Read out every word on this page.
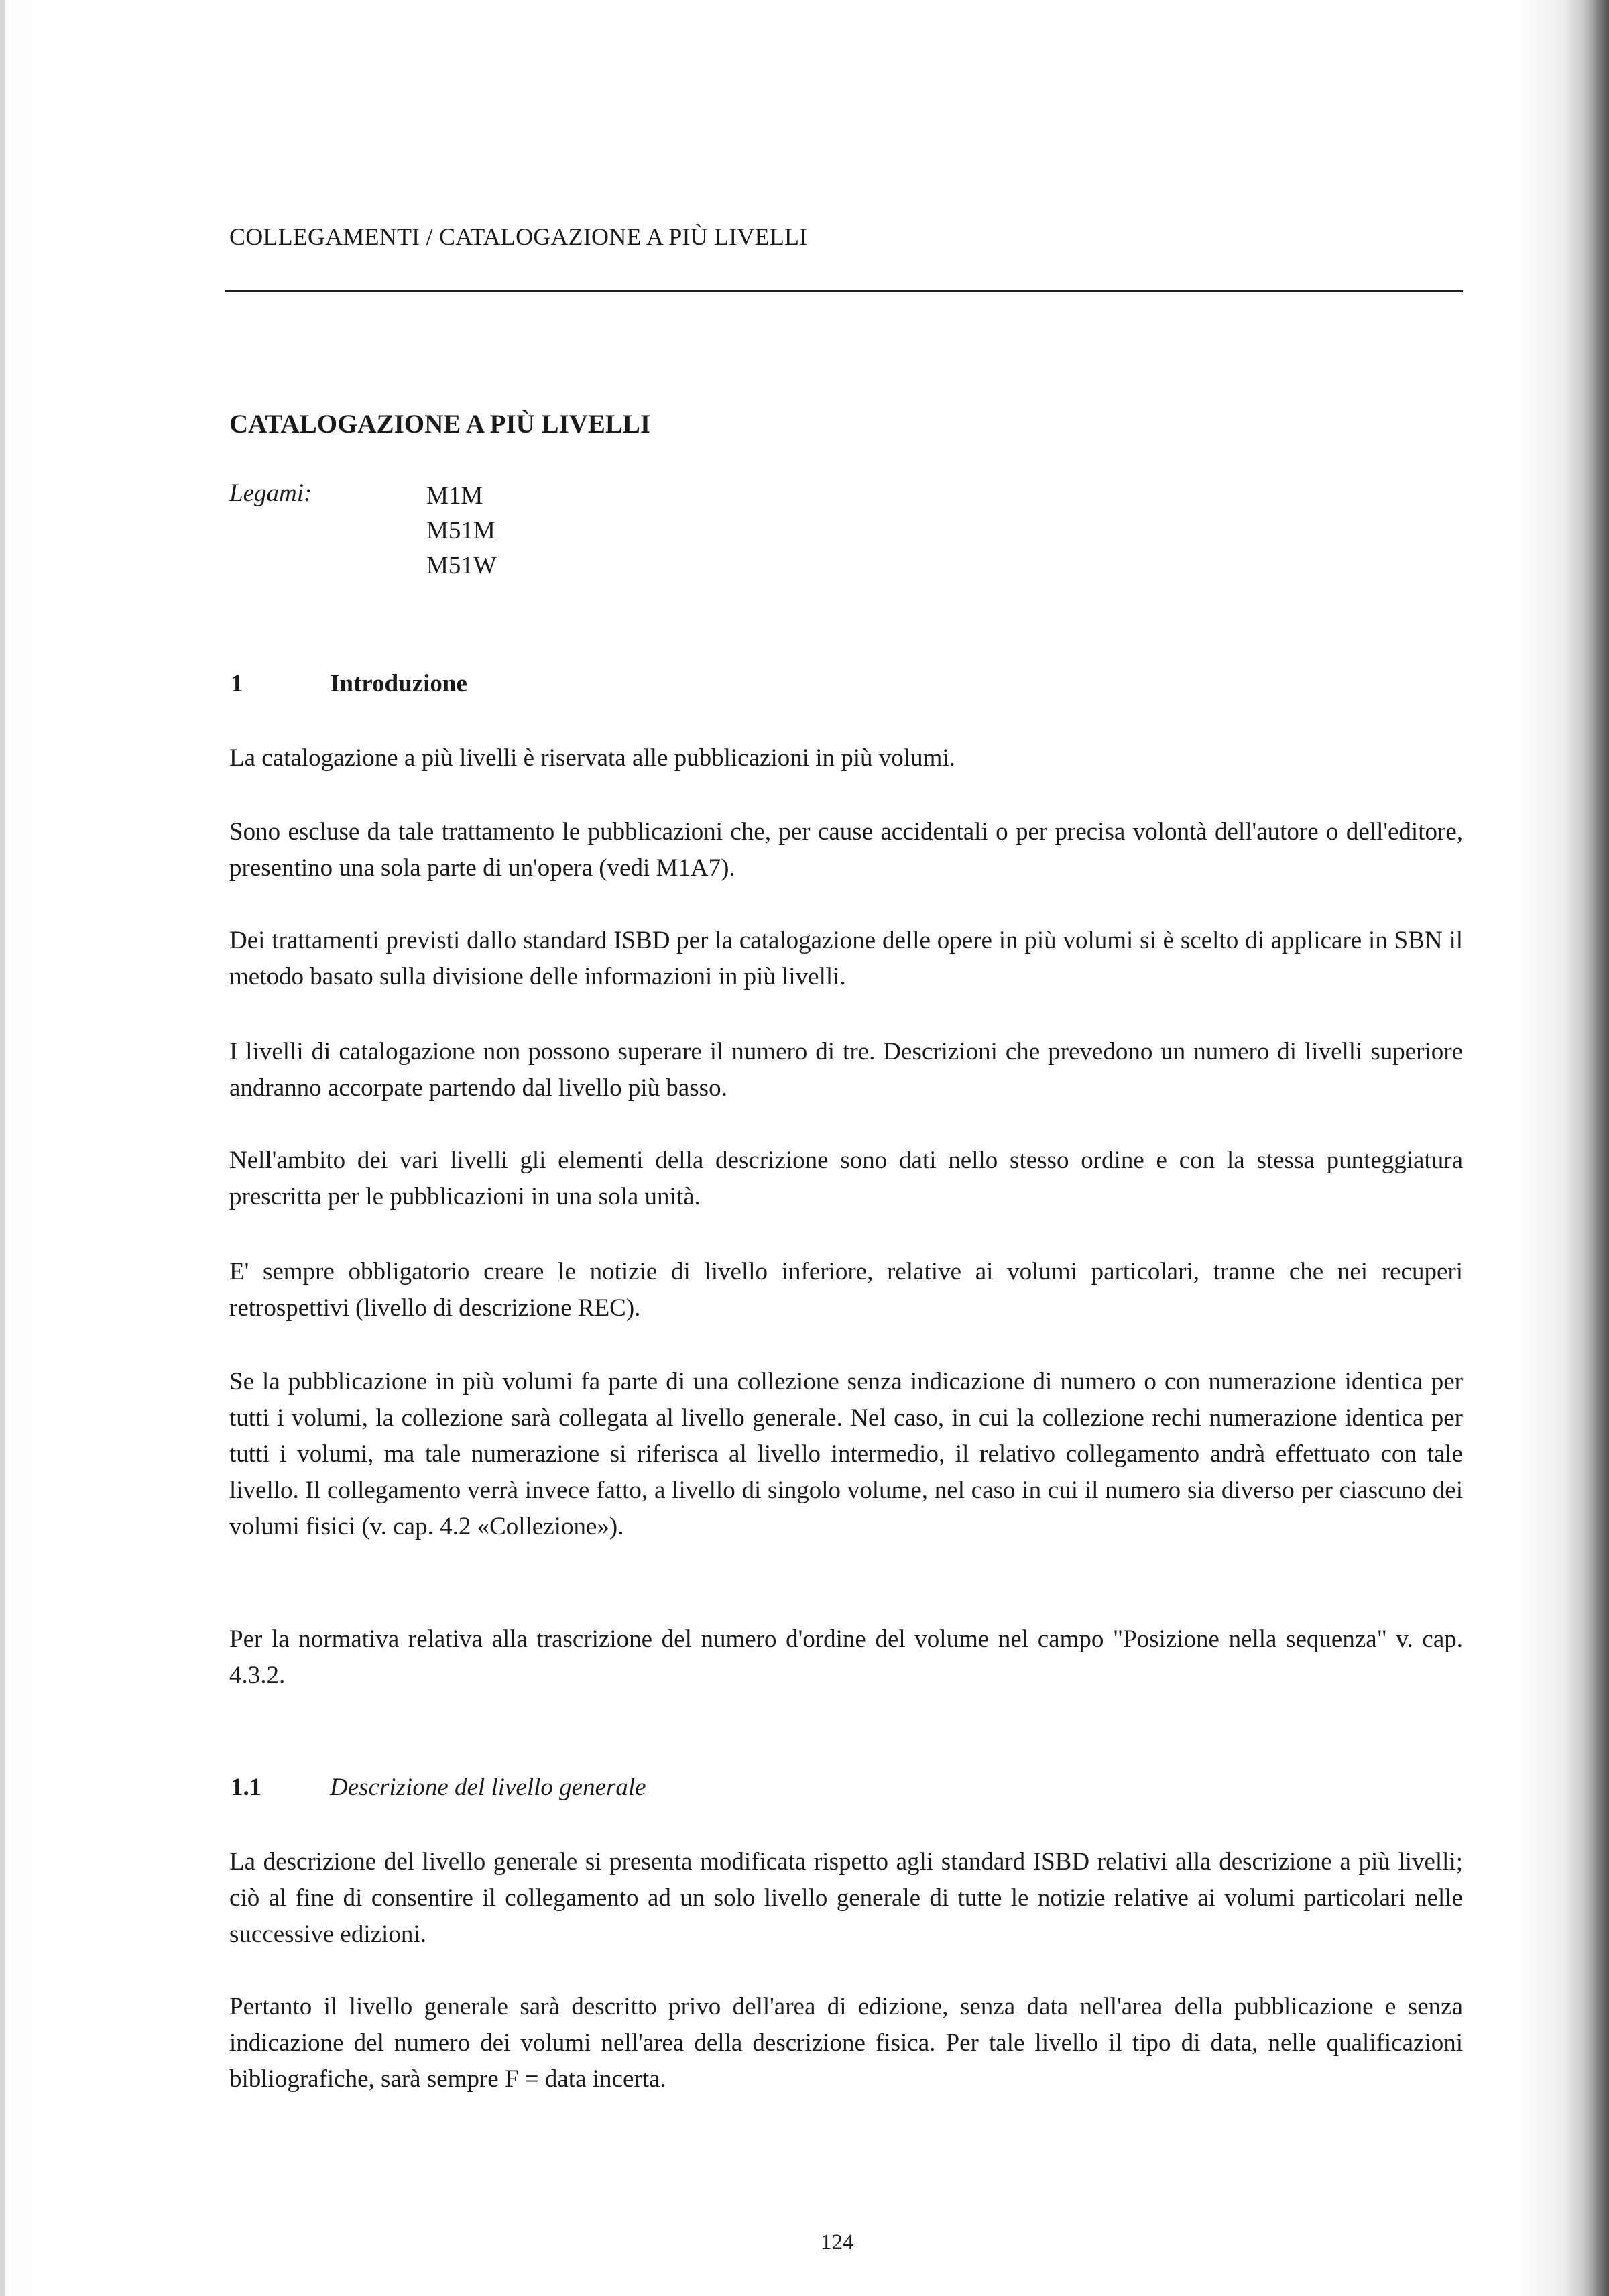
COLLEGAMENTI / CATALOGAZIONE A PIÙ LIVELLI
CATALOGAZIONE A PIÙ LIVELLI
Legami:	M1M
M51M
M51W
1	Introduzione
La catalogazione a più livelli è riservata alle pubblicazioni in più volumi.
Sono escluse da tale trattamento le pubblicazioni che, per cause accidentali o per precisa volontà dell'autore o dell'editore, presentino una sola parte di un'opera (vedi M1A7).
Dei trattamenti previsti dallo standard ISBD per la catalogazione delle opere in più volumi si è scelto di applicare in SBN il metodo basato sulla divisione delle informazioni in più livelli.
I livelli di catalogazione non possono superare il numero di tre. Descrizioni che prevedono un numero di livelli superiore andranno accorpate partendo dal livello più basso.
Nell'ambito dei vari livelli gli elementi della descrizione sono dati nello stesso ordine e con la stessa punteggiatura prescritta per le pubblicazioni in una sola unità.
E' sempre obbligatorio creare le notizie di livello inferiore, relative ai volumi particolari, tranne che nei recuperi retrospettivi (livello di descrizione REC).
Se la pubblicazione in più volumi fa parte di una collezione senza indicazione di numero o con numerazione identica per tutti i volumi, la collezione sarà collegata al livello generale. Nel caso, in cui la collezione rechi numerazione identica per tutti i volumi, ma tale numerazione si riferisca al livello intermedio, il relativo collegamento andrà effettuato con tale livello. Il collegamento verrà invece fatto, a livello di singolo volume, nel caso in cui il numero sia diverso per ciascuno dei volumi fisici (v. cap. 4.2 «Collezione»).
Per la normativa relativa alla trascrizione del numero d'ordine del volume nel campo "Posizione nella sequenza" v. cap. 4.3.2.
1.1	Descrizione del livello generale
La descrizione del livello generale si presenta modificata rispetto agli standard ISBD relativi alla descrizione a più livelli; ciò al fine di consentire il collegamento ad un solo livello generale di tutte le notizie relative ai volumi particolari nelle successive edizioni.
Pertanto il livello generale sarà descritto privo dell'area di edizione, senza data nell'area della pubblicazione e senza indicazione del numero dei volumi nell'area della descrizione fisica. Per tale livello il tipo di data, nelle qualificazioni bibliografiche, sarà sempre F = data incerta.
124
